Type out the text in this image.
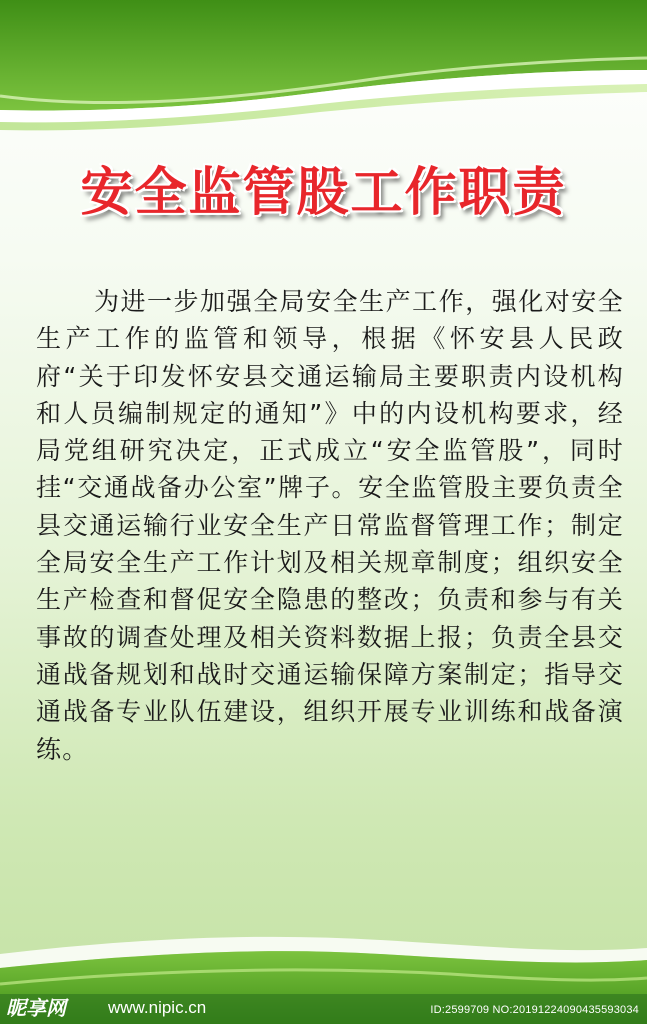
安全监管股工作职责
为进一步加强全局安全生产工作，强化对安全生产工作的监管和领导，根据《怀安县人民政府“关于印发怀安县交通运输局主要职责内设机构和人员编制规定的通知”》中的内设机构要求，经局党组研究决定，正式成立“安全监管股”，同时挂“交通战备办公室”牌子。安全监管股主要负责全县交通运输行业安全生产日常监督管理工作；制定全局安全生产工作计划及相关规章制度；组织安全生产检查和督促安全隐患的整改；负责和参与有关事故的调查处理及相关资料数据上报；负责全县交通战备规划和战时交通运输保障方案制定；指导交通战备专业队伍建设，组织开展专业训练和战备演练。
昵享网 www.nipic.cn	ID:2599709 NO:20191224090435593034
